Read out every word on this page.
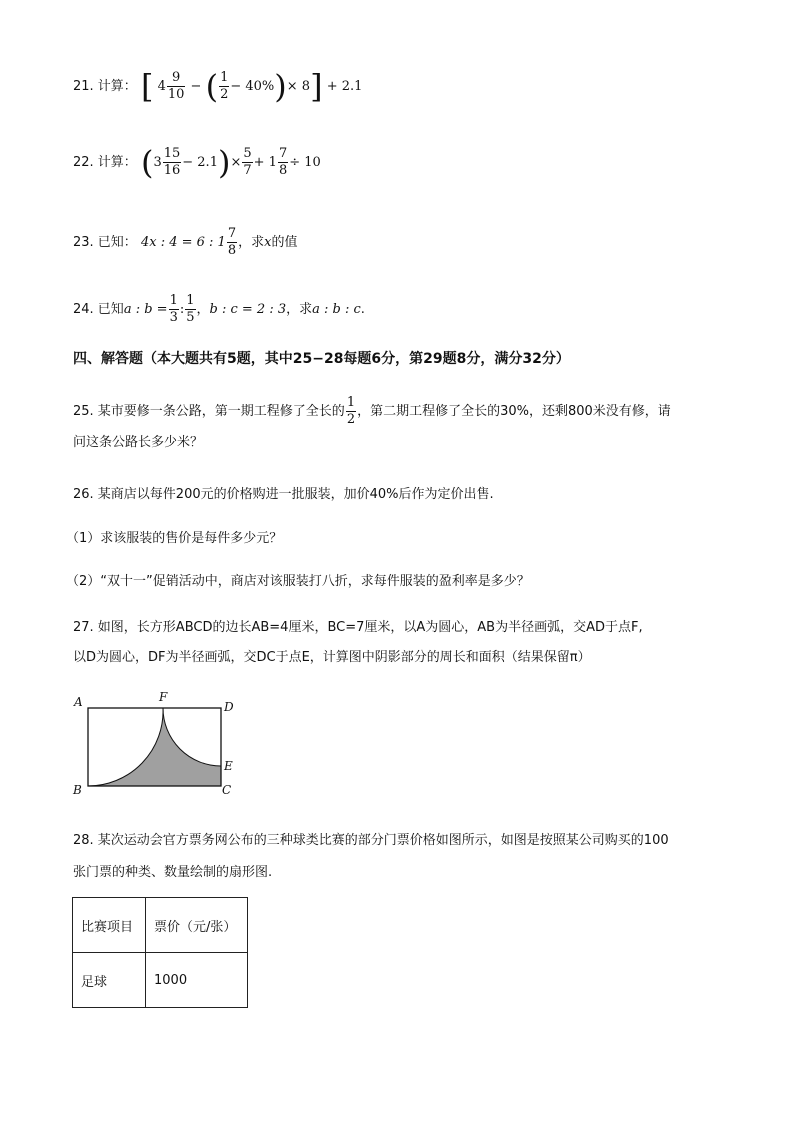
21. 计算： [ $4 \frac{9}{10}$ − ( $\frac{1}{2} - 40\%)\times 8] + 2.1$
22. 计算： $(3 \frac{15}{16} - 2.1)\times \frac{5}{7} + 1 \frac{7}{8} \div 10$
23. 已知： 4x : 4 = 6 : $1 \frac{7}{8}$ ，求x的值
24. 已知a : $b = \frac{1}{3}$ : $\frac{1}{5}$ ，b : c = 2 : 3，求a : b : c.
四、解答题（本大题共有5题，其中25−28每题6分，第29题8分，满分32分）
25. 某市要修一条公路，第一期工程修了全长的 $\frac{1}{2}$ ，第二期工程修了全长的30%，还剩800米没有修，请
问这条公路长多少米？
26. 某商店以每件200元的价格购进一批服装，加价40%后作为定价出售.
（1）求该服装的售价是每件多少元？
（2）“双十一”促销活动中，商店对该服装打八折，求每件服装的盈利率是多少？
27. 如图，长方形ABCD的边长AB=4厘米，BC=7厘米，以A为圆心，AB为半径画弧，交AD于点F,
以D为圆心，DF为半径画弧，交DC于点E，计算图中阴影部分的周长和面积（结果保留π）
A	F
D
E
B	C
28. 某次运动会官方票务网公布的三种球类比赛的部分门票价格如图所示，如图是按照某公司购买的100
张门票的种类、数量绘制的扇形图.
比赛项目	票价（元/张）
足球	1000
